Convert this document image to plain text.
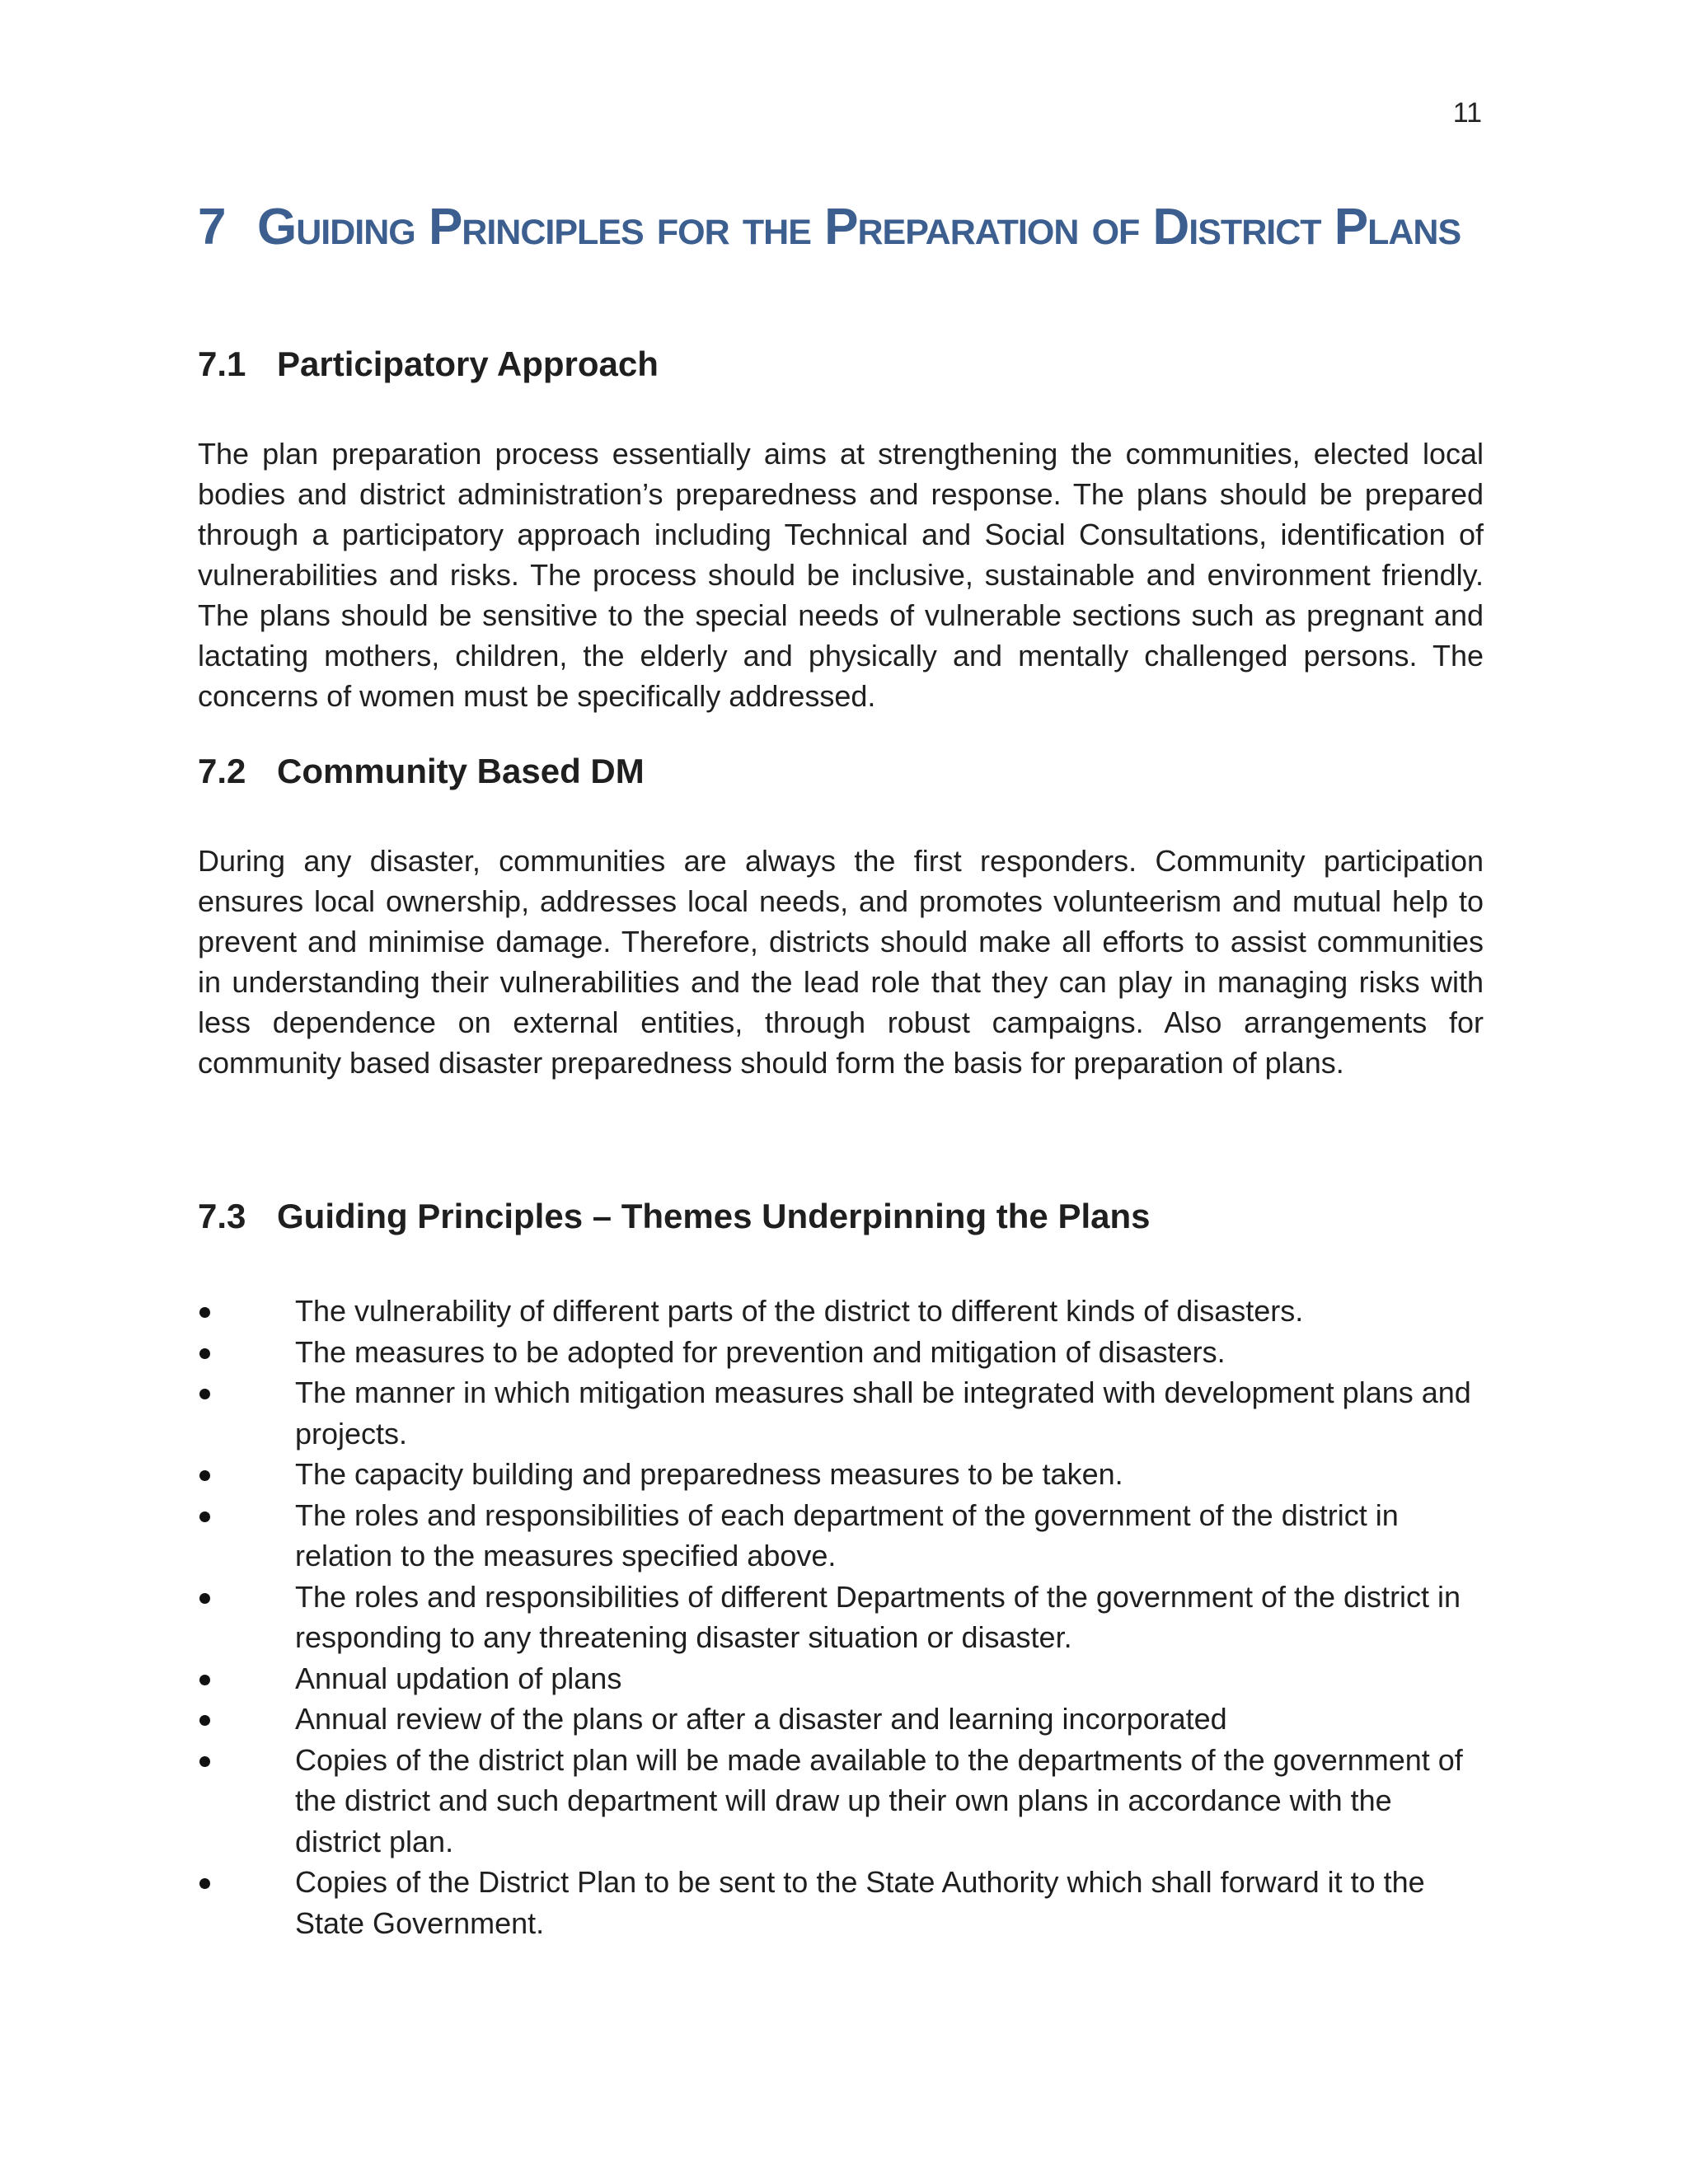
11
7 Guiding Principles for the Preparation of District Plans
7.1 Participatory Approach

The plan preparation process essentially aims at strengthening the communities, elected local bodies and district administration’s preparedness and response. The plans should be prepared through a participatory approach including Technical and Social Consultations, identification of vulnerabilities and risks. The process should be inclusive, sustainable and environment friendly. The plans should be sensitive to the special needs of vulnerable sections such as pregnant and lactating mothers, children, the elderly and physically and mentally challenged persons. The concerns of women must be specifically addressed.

7.2 Community Based DM

During any disaster, communities are always the first responders. Community participation ensures local ownership, addresses local needs, and promotes volunteerism and mutual help to prevent and minimise damage. Therefore, districts should make all efforts to assist communities in understanding their vulnerabilities and the lead role that they can play in managing risks with less dependence on external entities, through robust campaigns. Also arrangements for community based disaster preparedness should form the basis for preparation of plans.

7.3 Guiding Principles – Themes Underpinning the Plans
The vulnerability of different parts of the district to different kinds of disasters.
The measures to be adopted for prevention and mitigation of disasters.
The manner in which mitigation measures shall be integrated with development plans and projects.
The capacity building and preparedness measures to be taken.
The roles and responsibilities of each department of the government of the district in relation to the measures specified above.
The roles and responsibilities of different Departments of the government of the district in responding to any threatening disaster situation or disaster.
Annual updation of plans
Annual review of the plans or after a disaster and learning incorporated
Copies of the district plan will be made available to the departments of the government of the district and such department will draw up their own plans in accordance with the district plan.
Copies of the District Plan to be sent to the State Authority which shall forward it to the State Government.
